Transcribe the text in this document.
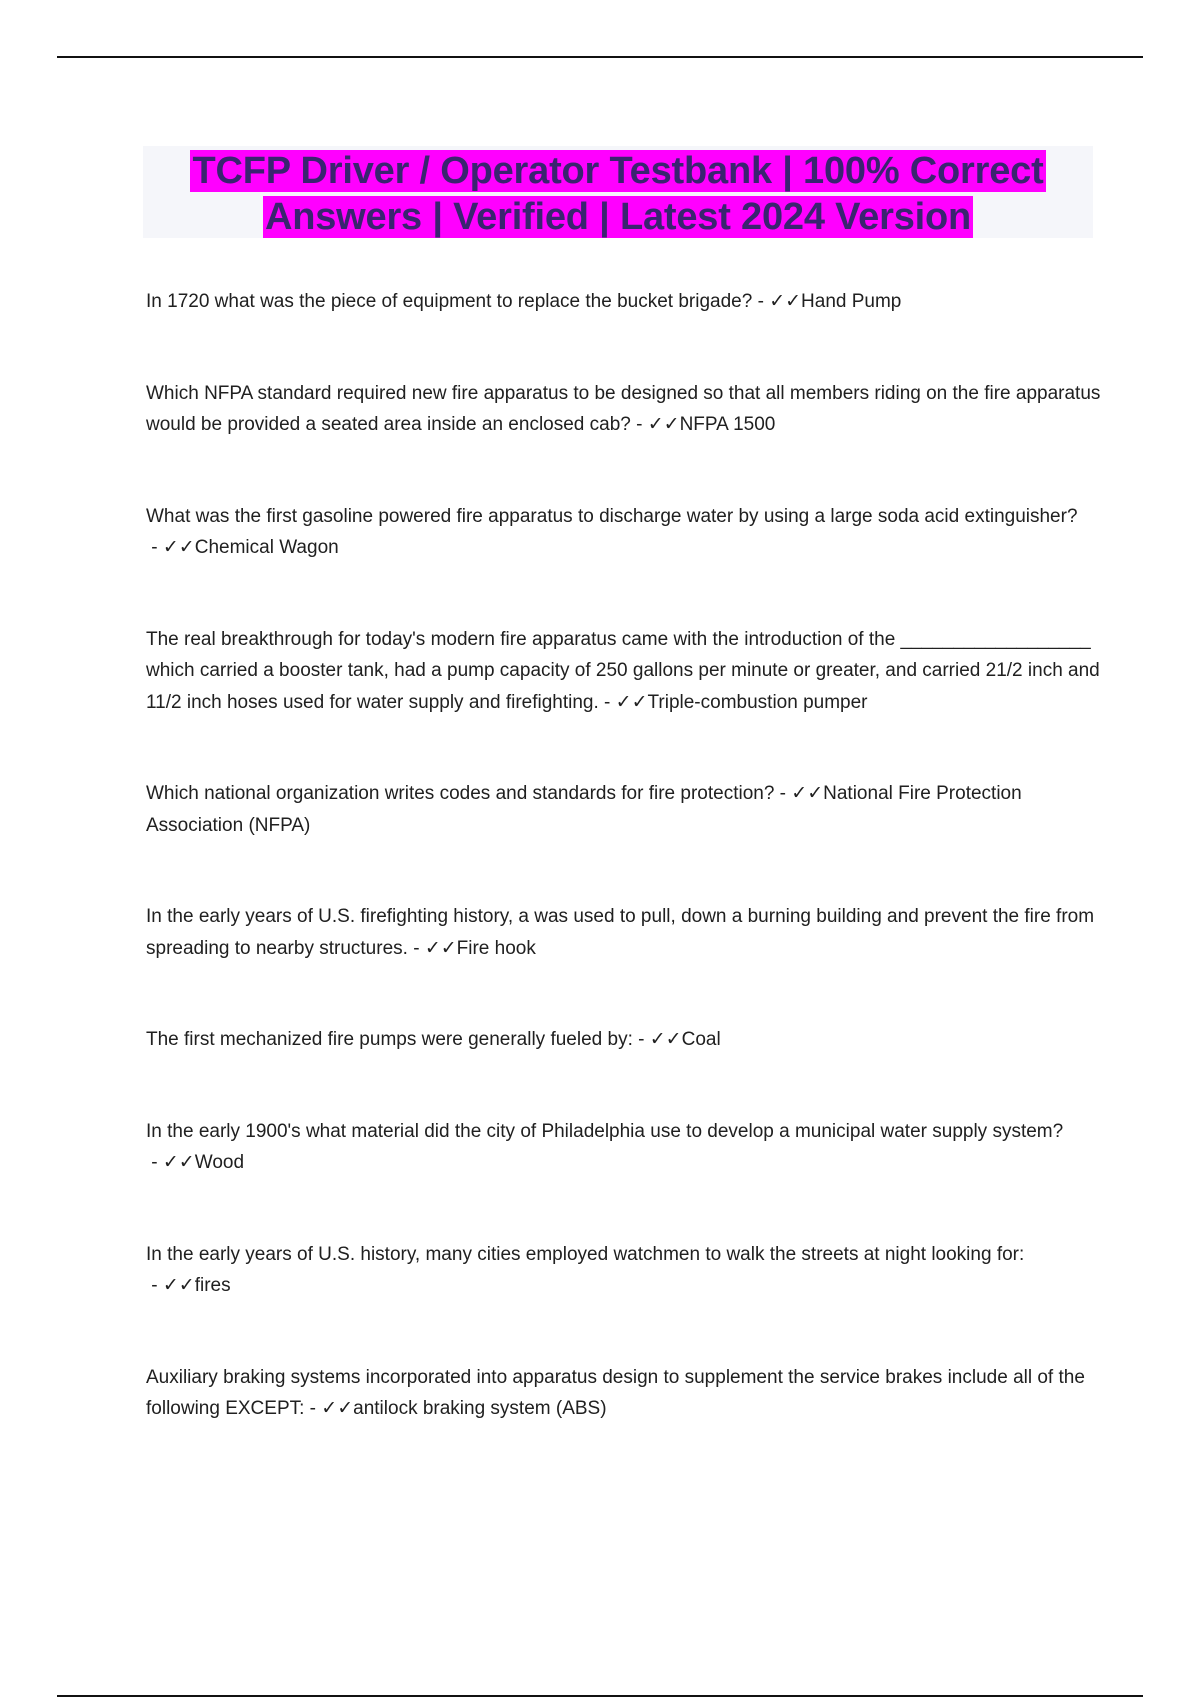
TCFP Driver / Operator Testbank | 100% Correct
Answers | Verified | Latest 2024 Version
In 1720 what was the piece of equipment to replace the bucket brigade? - ✓✓Hand Pump
Which NFPA standard required new fire apparatus to be designed so that all members riding on the fire apparatus would be provided a seated area inside an enclosed cab? - ✓✓NFPA 1500
What was the first gasoline powered fire apparatus to discharge water by using a large soda acid extinguisher? - ✓✓Chemical Wagon
The real breakthrough for today's modern fire apparatus came with the introduction of the __________________ which carried a booster tank, had a pump capacity of 250 gallons per minute or greater, and carried 21/2 inch and 11/2 inch hoses used for water supply and firefighting. - ✓✓Triple-combustion pumper
Which national organization writes codes and standards for fire protection? - ✓✓National Fire Protection Association (NFPA)
In the early years of U.S. firefighting history, a was used to pull, down a burning building and prevent the fire from spreading to nearby structures. - ✓✓Fire hook
The first mechanized fire pumps were generally fueled by: - ✓✓Coal
In the early 1900's what material did the city of Philadelphia use to develop a municipal water supply system? - ✓✓Wood
In the early years of U.S. history, many cities employed watchmen to walk the streets at night looking for: - ✓✓fires
Auxiliary braking systems incorporated into apparatus design to supplement the service brakes include all of the following EXCEPT: - ✓✓antilock braking system (ABS)
